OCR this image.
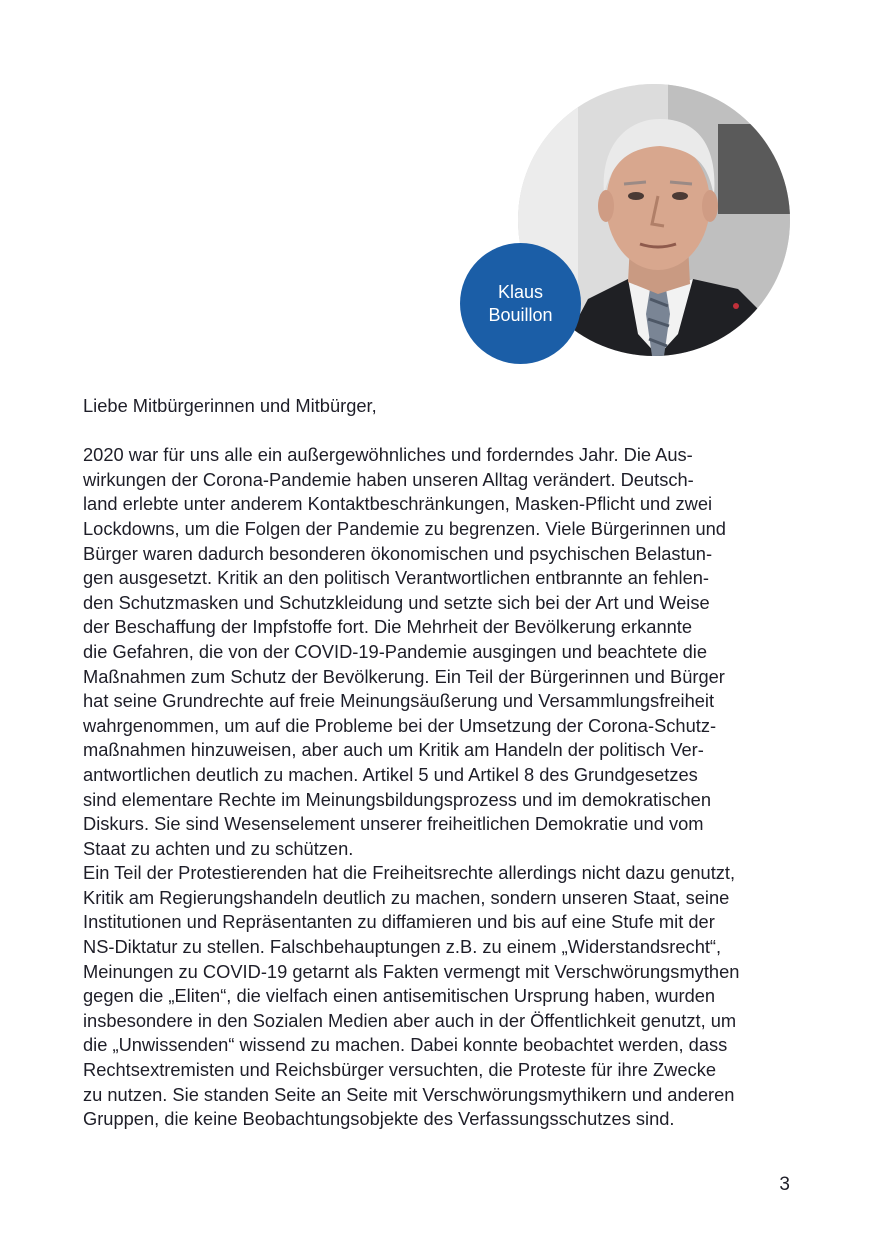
Klaus
Bouillon

Liebe Mitbürgerinnen und Mitbürger,

2020 war für uns alle ein außergewöhnliches und forderndes Jahr. Die Aus-
wirkungen der Corona-Pandemie haben unseren Alltag verändert. Deutsch-
land erlebte unter anderem Kontaktbeschränkungen, Masken-Pflicht und zwei
Lockdowns, um die Folgen der Pandemie zu begrenzen. Viele Bürgerinnen und
Bürger waren dadurch besonderen ökonomischen und psychischen Belastun-
gen ausgesetzt. Kritik an den politisch Verantwortlichen entbrannte an fehlen-
den Schutzmasken und Schutzkleidung und setzte sich bei der Art und Weise
der Beschaffung der Impfstoffe fort. Die Mehrheit der Bevölkerung erkannte
die Gefahren, die von der COVID-19-Pandemie ausgingen und beachtete die
Maßnahmen zum Schutz der Bevölkerung. Ein Teil der Bürgerinnen und Bürger
hat seine Grundrechte auf freie Meinungsäußerung und Versammlungsfreiheit
wahrgenommen, um auf die Probleme bei der Umsetzung der Corona-Schutz-
maßnahmen hinzuweisen, aber auch um Kritik am Handeln der politisch Ver-
antwortlichen deutlich zu machen. Artikel 5 und Artikel 8 des Grundgesetzes
sind elementare Rechte im Meinungsbildungsprozess und im demokratischen
Diskurs. Sie sind Wesenselement unserer freiheitlichen Demokratie und vom
Staat zu achten und zu schützen.

Ein Teil der Protestierenden hat die Freiheitsrechte allerdings nicht dazu genutzt,
Kritik am Regierungshandeln deutlich zu machen, sondern unseren Staat, seine
Institutionen und Repräsentanten zu diffamieren und bis auf eine Stufe mit der
NS-Diktatur zu stellen. Falschbehauptungen z.B. zu einem „Widerstandsrecht“,
Meinungen zu COVID-19 getarnt als Fakten vermengt mit Verschwörungsmythen
gegen die „Eliten“, die vielfach einen antisemitischen Ursprung haben, wurden
insbesondere in den Sozialen Medien aber auch in der Öffentlichkeit genutzt, um
die „Unwissenden“ wissend zu machen. Dabei konnte beobachtet werden, dass
Rechtsextremisten und Reichsbürger versuchten, die Proteste für ihre Zwecke
zu nutzen. Sie standen Seite an Seite mit Verschwörungsmythikern und anderen
Gruppen, die keine Beobachtungsobjekte des Verfassungsschutzes sind.

3
